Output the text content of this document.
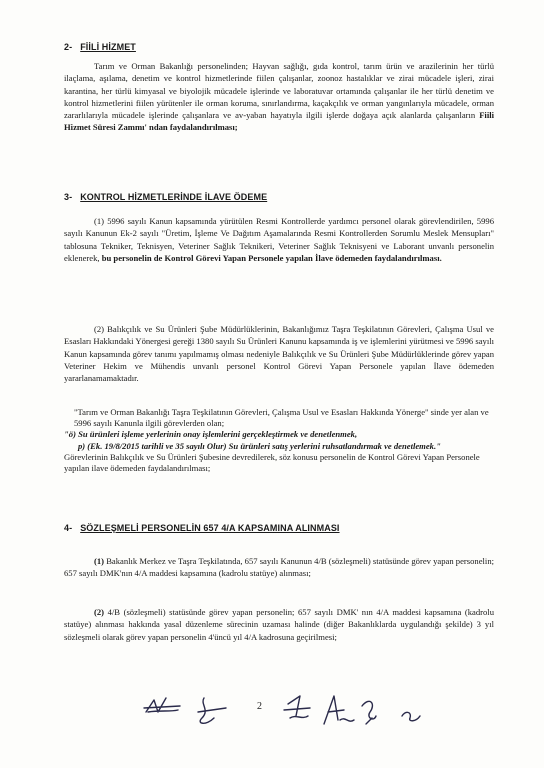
2- FİİLİ HİZMET

Tarım ve Orman Bakanlığı personelinden; Hayvan sağlığı, gıda kontrol, tarım ürün ve arazilerinin her türlü ilaçlama, aşılama, denetim ve kontrol hizmetlerinde fiilen çalışanlar, zoonoz hastalıklar ve zirai mücadele işleri, zirai karantina, her türlü kimyasal ve biyolojik mücadele işlerinde ve laboratuvar ortamında çalışanlar ile her türlü denetim ve kontrol hizmetlerini fiilen yürütenler ile orman koruma, sınırlandırma, kaçakçılık ve orman yangınlarıyla mücadele, orman zararlılarıyla mücadele işlerinde çalışanlara ve av-yaban hayatıyla ilgili işlerde doğaya açık alanlarda çalışanların Fiili Hizmet Süresi Zammı' ndan faydalandırılması;

3- KONTROL HİZMETLERİNDE İLAVE ÖDEME

(1) 5996 sayılı Kanun kapsamında yürütülen Resmi Kontrollerde yardımcı personel olarak görevlendirilen, 5996 sayılı Kanunun Ek-2 sayılı "Üretim, İşleme Ve Dağıtım Aşamalarında Resmi Kontrollerden Sorumlu Meslek Mensupları" tablosuna Tekniker, Teknisyen, Veteriner Sağlık Teknikeri, Veteriner Sağlık Teknisyeni ve Laborant unvanlı personelin eklenerek, bu personelin de Kontrol Görevi Yapan Personele yapılan İlave ödemeden faydalandırılması.

(2) Balıkçılık ve Su Ürünleri Şube Müdürlüklerinin, Bakanlığımız Taşra Teşkilatının Görevleri, Çalışma Usul ve Esasları Hakkındaki Yönergesi gereği 1380 sayılı Su Ürünleri Kanunu kapsamında iş ve işlemlerini yürütmesi ve 5996 sayılı Kanun kapsamında görev tanımı yapılmamış olması nedeniyle Balıkçılık ve Su Ürünleri Şube Müdürlüklerinde görev yapan Veteriner Hekim ve Mühendis unvanlı personel Kontrol Görevi Yapan Personele yapılan İlave ödemeden yararlanamamaktadır.

"Tarım ve Orman Bakanlığı Taşra Teşkilatının Görevleri, Çalışma Usul ve Esasları Hakkında Yönerge" sinde yer alan ve 5996 sayılı Kanunla ilgili görevlerden olan;
"ö) Su ürünleri işleme yerlerinin onay işlemlerini gerçekleştirmek ve denetlenmek,
p) (Ek. 19/8/2015 tarihli ve 35 sayılı Olur) Su ürünleri satış yerlerini ruhsatlandırmak ve denetlemek."
Görevlerinin Balıkçılık ve Su Ürünleri Şubesine devredilerek, söz konusu personelin de Kontrol Görevi Yapan Personele yapılan ilave ödemeden faydalandırılması;
4- SÖZLEŞMELİ PERSONELİN 657 4/A KAPSAMINA ALINMASI

(1) Bakanlık Merkez ve Taşra Teşkilatında, 657 sayılı Kanunun 4/B (sözleşmeli) statüsünde görev yapan personelin; 657 sayılı DMK'nın 4/A maddesi kapsamına (kadrolu statüye) alınması;

(2) 4/B (sözleşmeli) statüsünde görev yapan personelin; 657 sayılı DMK' nın 4/A maddesi kapsamına (kadrolu statüye) alınması hakkında yasal düzenleme sürecinin uzaması halinde (diğer Bakanlıklarda uygulandığı şekilde) 3 yıl sözleşmeli olarak görev yapan personelin 4'üncü yıl 4/A kadrosuna geçirilmesi;

2
